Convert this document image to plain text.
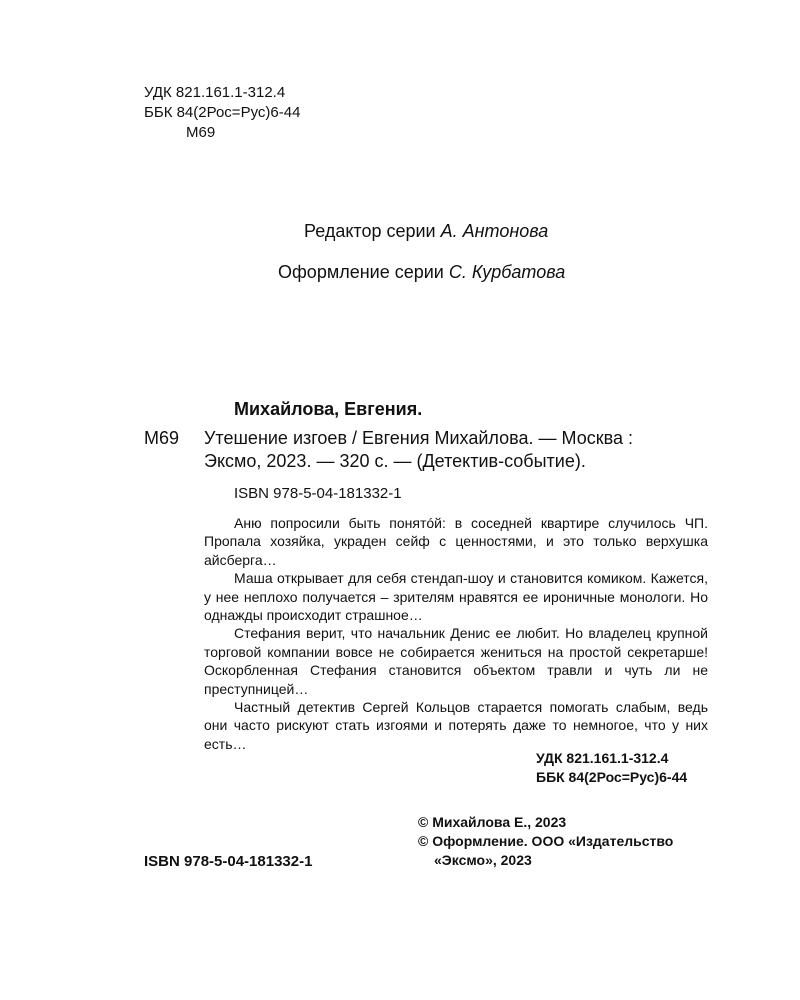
УДК 821.161.1-312.4
ББК 84(2Рос=Рус)6-44
М69
Редактор серии А. Антонова
Оформление серии С. Курбатова
Михайлова, Евгения.
М69 Утешение изгоев / Евгения Михайлова. — Москва :
Эксмо, 2023. — 320 с. — (Детектив-событие).
ISBN 978-5-04-181332-1

Аню попросили быть понятóй: в соседней квартире случилось ЧП. Пропала хозяйка, украден сейф с ценностями, и это только верхушка айсберга…

Маша открывает для себя стендап-шоу и становится комиком. Кажется, у нее неплохо получается – зрителям нравятся ее ироничные монологи. Но однажды происходит страшное…

Стефания верит, что начальник Денис ее любит. Но владелец крупной торговой компании вовсе не собирается жениться на простой секретарше! Оскорбленная Стефания становится объектом травли и чуть ли не преступницей…

Частный детектив Сергей Кольцов старается помогать слабым, ведь они часто рискуют стать изгоями и потерять даже то немногое, что у них есть…

УДК 821.161.1-312.4
ББК 84(2Рос=Рус)6-44
© Михайлова Е., 2023
© Оформление. ООО «Издательство
«Эксмо», 2023
ISBN 978-5-04-181332-1
